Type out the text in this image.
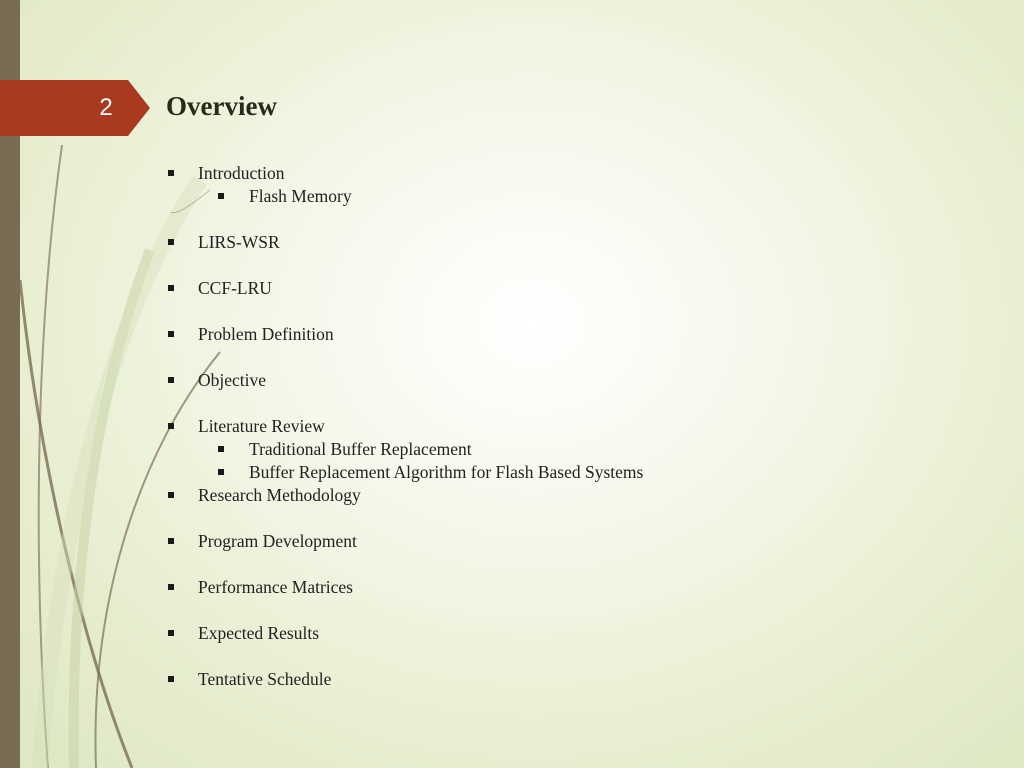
2	Overview
Introduction
Flash Memory
LIRS-WSR
CCF-LRU
Problem Definition
Objective
Literature Review
Traditional Buffer Replacement
Buffer Replacement Algorithm for Flash Based Systems
Research Methodology
Program Development
Performance Matrices
Expected Results
Tentative Schedule
